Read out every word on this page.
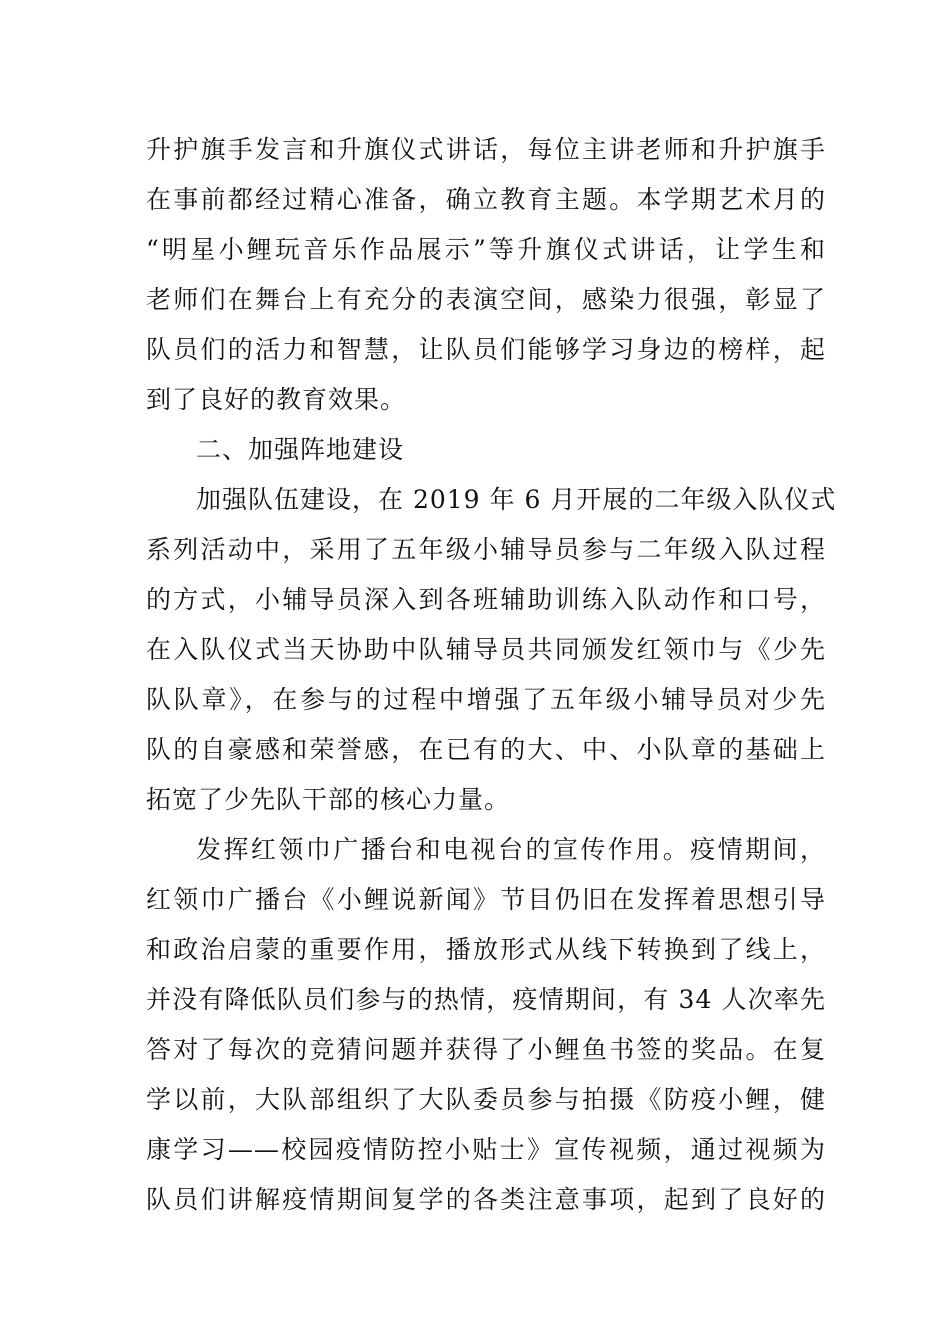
升护旗手发言和升旗仪式讲话，每位主讲老师和升护旗手
在事前都经过精心准备，确立教育主题。本学期艺术月的
“明星小鲤玩音乐作品展示”等升旗仪式讲话，让学生和
老师们在舞台上有充分的表演空间，感染力很强，彰显了
队员们的活力和智慧，让队员们能够学习身边的榜样，起
到了良好的教育效果。
二、加强阵地建设
加强队伍建设，在 2019 年 6 月开展的二年级入队仪式
系列活动中，采用了五年级小辅导员参与二年级入队过程
的方式，小辅导员深入到各班辅助训练入队动作和口号，
在入队仪式当天协助中队辅导员共同颁发红领巾与《少先
队队章》，在参与的过程中增强了五年级小辅导员对少先
队的自豪感和荣誉感，在已有的大、中、小队章的基础上
拓宽了少先队干部的核心力量。
发挥红领巾广播台和电视台的宣传作用。疫情期间，
红领巾广播台《小鲤说新闻》节目仍旧在发挥着思想引导
和政治启蒙的重要作用，播放形式从线下转换到了线上，
并没有降低队员们参与的热情，疫情期间，有 34 人次率先
答对了每次的竞猜问题并获得了小鲤鱼书签的奖品。在复
学以前，大队部组织了大队委员参与拍摄《防疫小鲤，健
康学习——校园疫情防控小贴士》宣传视频，通过视频为
队员们讲解疫情期间复学的各类注意事项，起到了良好的
